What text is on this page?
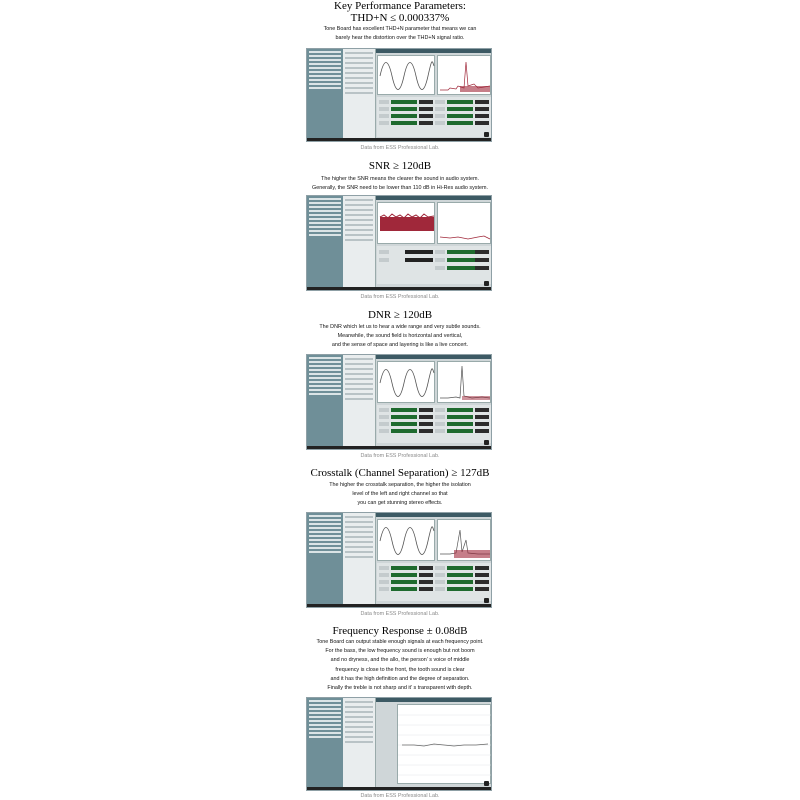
Key Performance Parameters:

THD+N ≤ 0.000337%

Tone Board has excellent THD+N parameter that means we can

barely hear the distortion over the THD+N signal ratio.

Data from ESS Professional Lab.

SNR ≥ 120dB

The higher the SNR means the clearer the sound in audio system.

Generally, the SNR need to be lower than 110 dB in Hi-Res audio system.

Data from ESS Professional Lab.

DNR ≥ 120dB

The DNR which let us to hear a wide range and very subtle sounds.

Meanwhile, the sound field is horizontal and vertical,

and the sense of space and layering is like a live concert.

Data from ESS Professional Lab.

Crosstalk (Channel Separation) ≥ 127dB

The higher the crosstalk separation, the higher the isolation

level of the left and right channel so that

you can get stunning stereo effects.

Data from ESS Professional Lab.

Frequency Response ± 0.08dB

Tone Board can output stable enough signals at each frequency point.

For the bass, the low frequency sound is enough but not boom

and no dryness, and the allo, the person’ s voice of middle

frequency is close to the front, the tooth sound is clear

and it has the high definition and the degree of separation.

Finally the treble is not sharp and it’ s transparent with depth.

Data from ESS Professional Lab.
